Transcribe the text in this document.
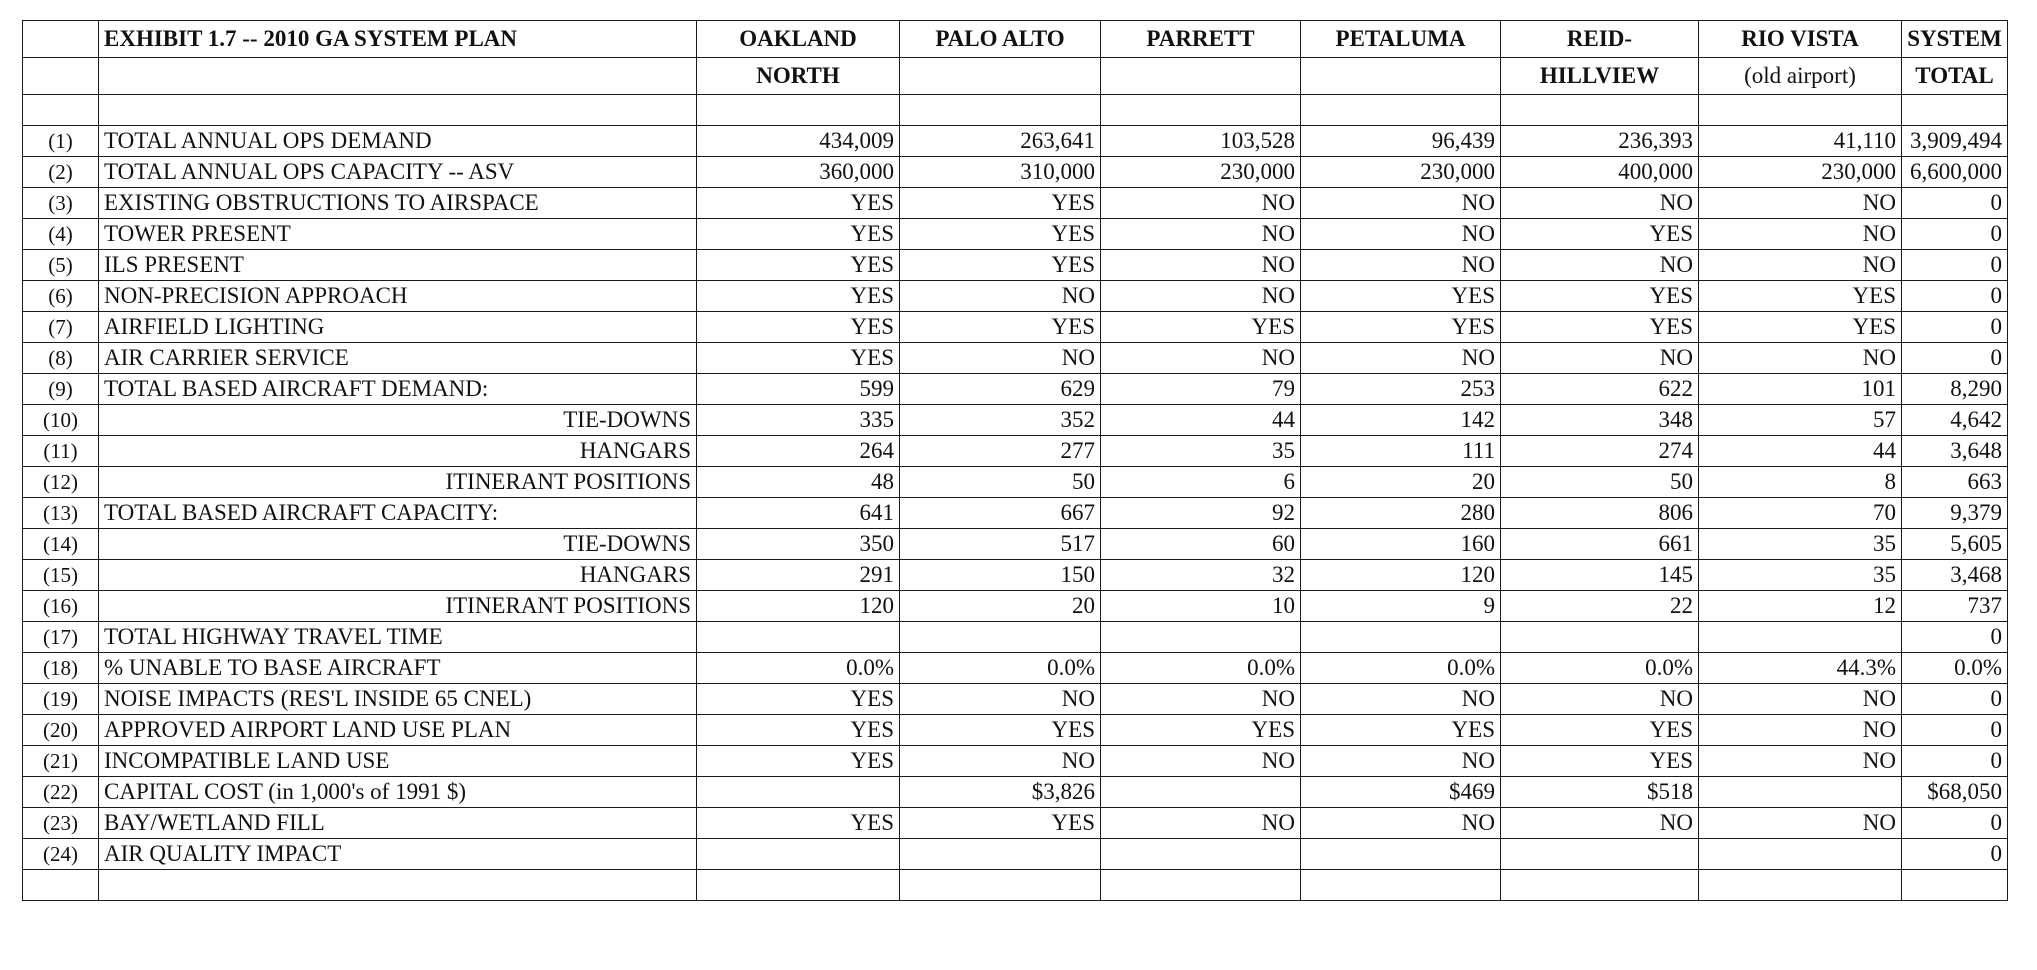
	EXHIBIT 1.7 -- 2010 GA SYSTEM PLAN	OAKLAND	PALO ALTO	PARRETT	PETALUMA	REID-	RIO VISTA	SYSTEM
		NORTH				HILLVIEW	(old airport)	TOTAL

(1)	TOTAL ANNUAL OPS DEMAND	434,009	263,641	103,528	96,439	236,393	41,110	3,909,494
(2)	TOTAL ANNUAL OPS CAPACITY -- ASV	360,000	310,000	230,000	230,000	400,000	230,000	6,600,000
(3)	EXISTING OBSTRUCTIONS TO AIRSPACE	YES	YES	NO	NO	NO	NO	0
(4)	TOWER PRESENT	YES	YES	NO	NO	YES	NO	0
(5)	ILS PRESENT	YES	YES	NO	NO	NO	NO	0
(6)	NON-PRECISION APPROACH	YES	NO	NO	YES	YES	YES	0
(7)	AIRFIELD LIGHTING	YES	YES	YES	YES	YES	YES	0
(8)	AIR CARRIER SERVICE	YES	NO	NO	NO	NO	NO	0
(9)	TOTAL BASED AIRCRAFT DEMAND:	599	629	79	253	622	101	8,290
(10)	TIE-DOWNS	335	352	44	142	348	57	4,642
(11)	HANGARS	264	277	35	111	274	44	3,648
(12)	ITINERANT POSITIONS	48	50	6	20	50	8	663
(13)	TOTAL BASED AIRCRAFT CAPACITY:	641	667	92	280	806	70	9,379
(14)	TIE-DOWNS	350	517	60	160	661	35	5,605
(15)	HANGARS	291	150	32	120	145	35	3,468
(16)	ITINERANT POSITIONS	120	20	10	9	22	12	737
(17)	TOTAL HIGHWAY TRAVEL TIME							0
(18)	% UNABLE TO BASE AIRCRAFT	0.0%	0.0%	0.0%	0.0%	0.0%	44.3%	0.0%
(19)	NOISE IMPACTS (RES'L INSIDE 65 CNEL)	YES	NO	NO	NO	NO	NO	0
(20)	APPROVED AIRPORT LAND USE PLAN	YES	YES	YES	YES	YES	NO	0
(21)	INCOMPATIBLE LAND USE	YES	NO	NO	NO	YES	NO	0
(22)	CAPITAL COST (in 1,000's of 1991 $)		$3,826		$469	$518		$68,050
(23)	BAY/WETLAND FILL	YES	YES	NO	NO	NO	NO	0
(24)	AIR QUALITY IMPACT							0
